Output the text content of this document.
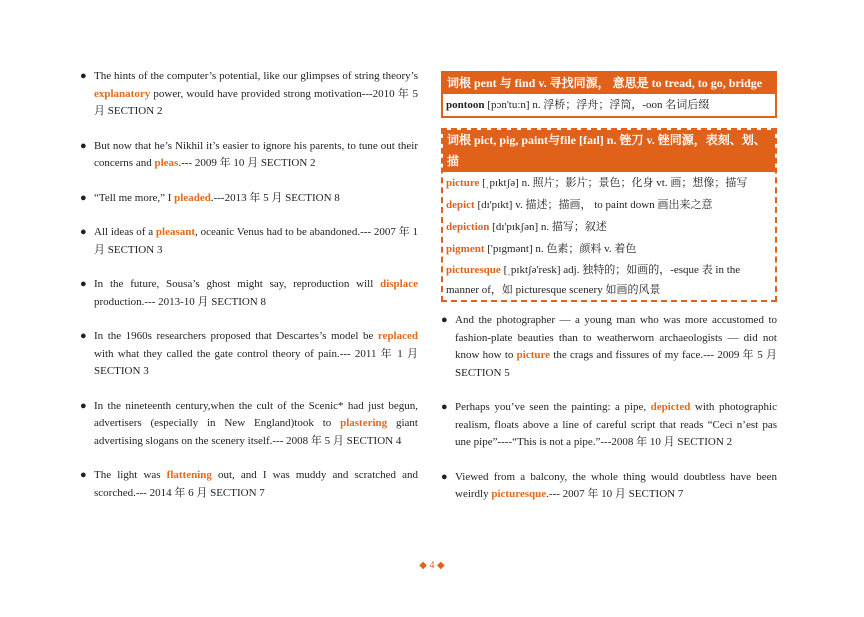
● The hints of the computer’s potential, like our glimpses of string theory’s explanatory power, would have provided strong motivation---2010 年 5 月 SECTION 2
● But now that he’s Nikhil it’s easier to ignore his parents, to tune out their concerns and pleas.--- 2009 年 10 月 SECTION 2
● “Tell me more,” I pleaded.---2013 年 5 月 SECTION 8
● All ideas of a pleasant, oceanic Venus had to be abandoned.--- 2007 年 1 月 SECTION 3
● In the future, Sousa’s ghost might say, reproduction will displace production.--- 2013-10 月 SECTION 8
● In the 1960s researchers proposed that Descartes’s model be replaced with what they called the gate control theory of pain.--- 2011 年 1 月 SECTION 3
● In the nineteenth century,when the cult of the Scenic* had just begun, advertisers (especially in New England)took to plastering giant advertising slogans on the scenery itself.--- 2008 年 5 月 SECTION 4
● The light was flattening out, and I was muddy and scratched and scorched.--- 2014 年 6 月 SECTION 7
词根 pent 与 find v. 寻找同源， 意思是 to tread, to go, bridge
pontoon [pɔn'tuːn] n. 浮桥；浮舟；浮筒，-oon 名词后缀
词根 pict, pig, paint与file [faɪl] n. 锉刀 v. 锉同源，表刻、划、描
picture [ˌpɪktʃə] n. 照片；影片；景色；化身 vt. 画；想像；描写
depict [dɪ'pɪkt] v. 描述；描画， to paint down 画出来之意
depiction [dɪ'pɪkʃən] n. 描写；叙述
pigment ['pɪgmənt] n. 色素；颜料 v. 着色
picturesque [ˌpɪktʃə'resk] adj. 独特的；如画的，-esque 表 in the manner of，如 picturesque scenery 如画的风景
● And the photographer — a young man who was more accustomed to fashion-plate beauties than to weatherworn archaeologists — did not know how to picture the crags and fissures of my face.--- 2009 年 5 月 SECTION 5
● Perhaps you’ve seen the painting: a pipe, depicted with photographic realism, floats above a line of careful script that reads “Ceci n’est pas une pipe”----“This is not a pipe.”---2008 年 10 月 SECTION 2
● Viewed from a balcony, the whole thing would doubtless have been weirdly picturesque.--- 2007 年 10 月 SECTION 7
◆ 4 ◆
